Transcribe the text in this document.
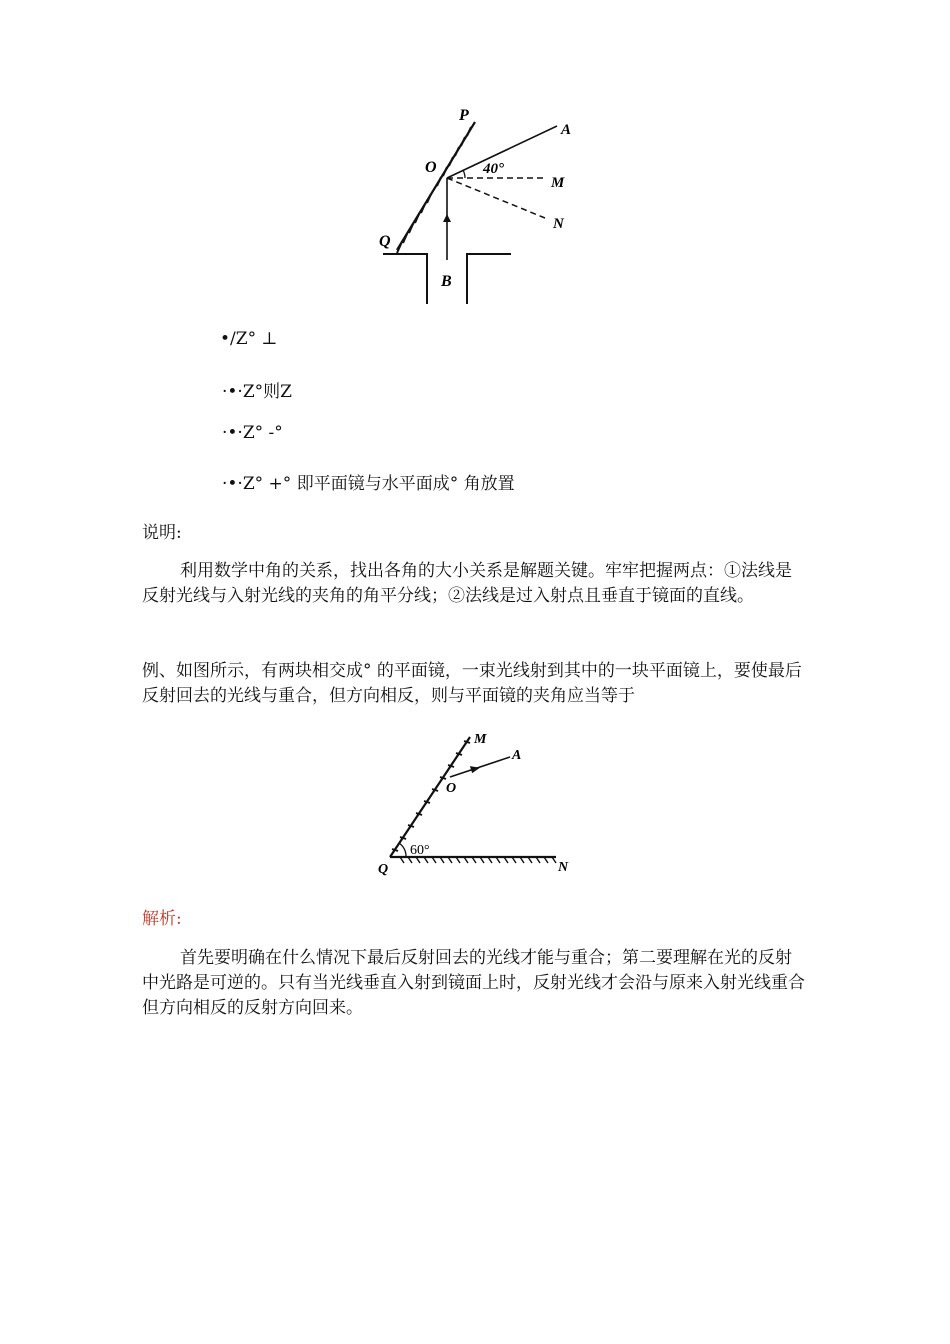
P
O
A
40°
M
N
Q
B
•/Z° ⊥
·•·Z°则Z
·•·Z° -°
·•·Z° +° 即平面镜与水平面成° 角放置
说明:
利用数学中角的关系，找出各角的大小关系是解题关键。牢牢把握两点：①法线是反射光线与入射光线的夹角的角平分线；②法线是过入射点且垂直于镜面的直线。
例、如图所示，有两块相交成° 的平面镜，一束光线射到其中的一块平面镜上，要使最后反射回去的光线与重合，但方向相反，则与平面镜的夹角应当等于
M
A
O
60°
Q	N
解析:
首先要明确在什么情况下最后反射回去的光线才能与重合；第二要理解在光的反射中光路是可逆的。只有当光线垂直入射到镜面上时，反射光线才会沿与原来入射光线重合但方向相反的反射方向回来。
